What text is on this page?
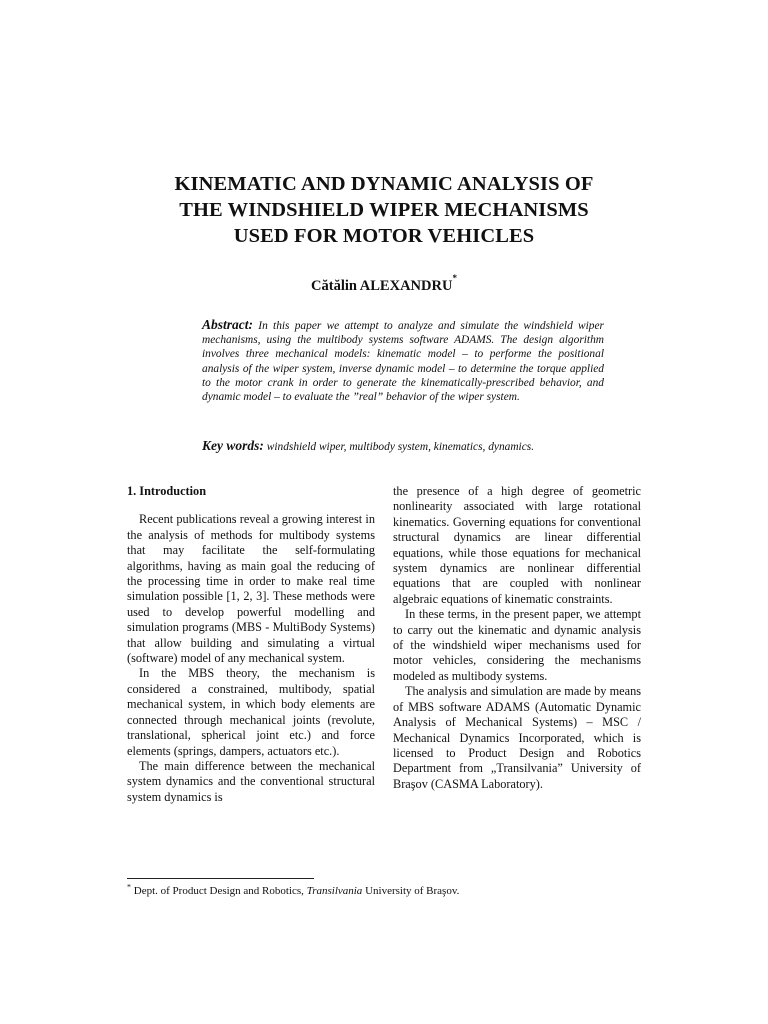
KINEMATIC AND DYNAMIC ANALYSIS OF
THE WINDSHIELD WIPER MECHANISMS
USED FOR MOTOR VEHICLES
Cătălin ALEXANDRU*
Abstract: In this paper we attempt to analyze and simulate the windshield wiper mechanisms, using the multibody systems software ADAMS. The design algorithm involves three mechanical models: kinematic model – to performe the positional analysis of the wiper system, inverse dynamic model – to determine the torque applied to the motor crank in order to generate the kinematically-prescribed behavior, and dynamic model – to evaluate the ”real” behavior of the wiper system.
Key words: windshield wiper, multibody system, kinematics, dynamics.
1. Introduction

Recent publications reveal a growing interest in the analysis of methods for multibody systems that may facilitate the self-formulating algorithms, having as main goal the reducing of the processing time in order to make real time simulation possible [1, 2, 3]. These methods were used to develop powerful modelling and simulation programs (MBS - MultiBody Systems) that allow building and simulating a virtual (software) model of any mechanical system.

In the MBS theory, the mechanism is considered a constrained, multibody, spatial mechanical system, in which body elements are connected through mechanical joints (revolute, translational, spherical joint etc.) and force elements (springs, dampers, actuators etc.).

The main difference between the mechanical system dynamics and the conventional structural system dynamics is

the presence of a high degree of geometric nonlinearity associated with large rotational kinematics. Governing equations for conventional structural dynamics are linear differential equations, while those equations for mechanical system dynamics are nonlinear differential equations that are coupled with nonlinear algebraic equations of kinematic constraints.

In these terms, in the present paper, we attempt to carry out the kinematic and dynamic analysis of the windshield wiper mechanisms used for motor vehicles, considering the mechanisms modeled as multibody systems.

The analysis and simulation are made by means of MBS software ADAMS (Automatic Dynamic Analysis of Mechanical Systems) – MSC / Mechanical Dynamics Incorporated, which is licensed to Product Design and Robotics Department from „Transilvania” University of Braşov (CASMA Laboratory).

* Dept. of Product Design and Robotics, Transilvania University of Braşov.
